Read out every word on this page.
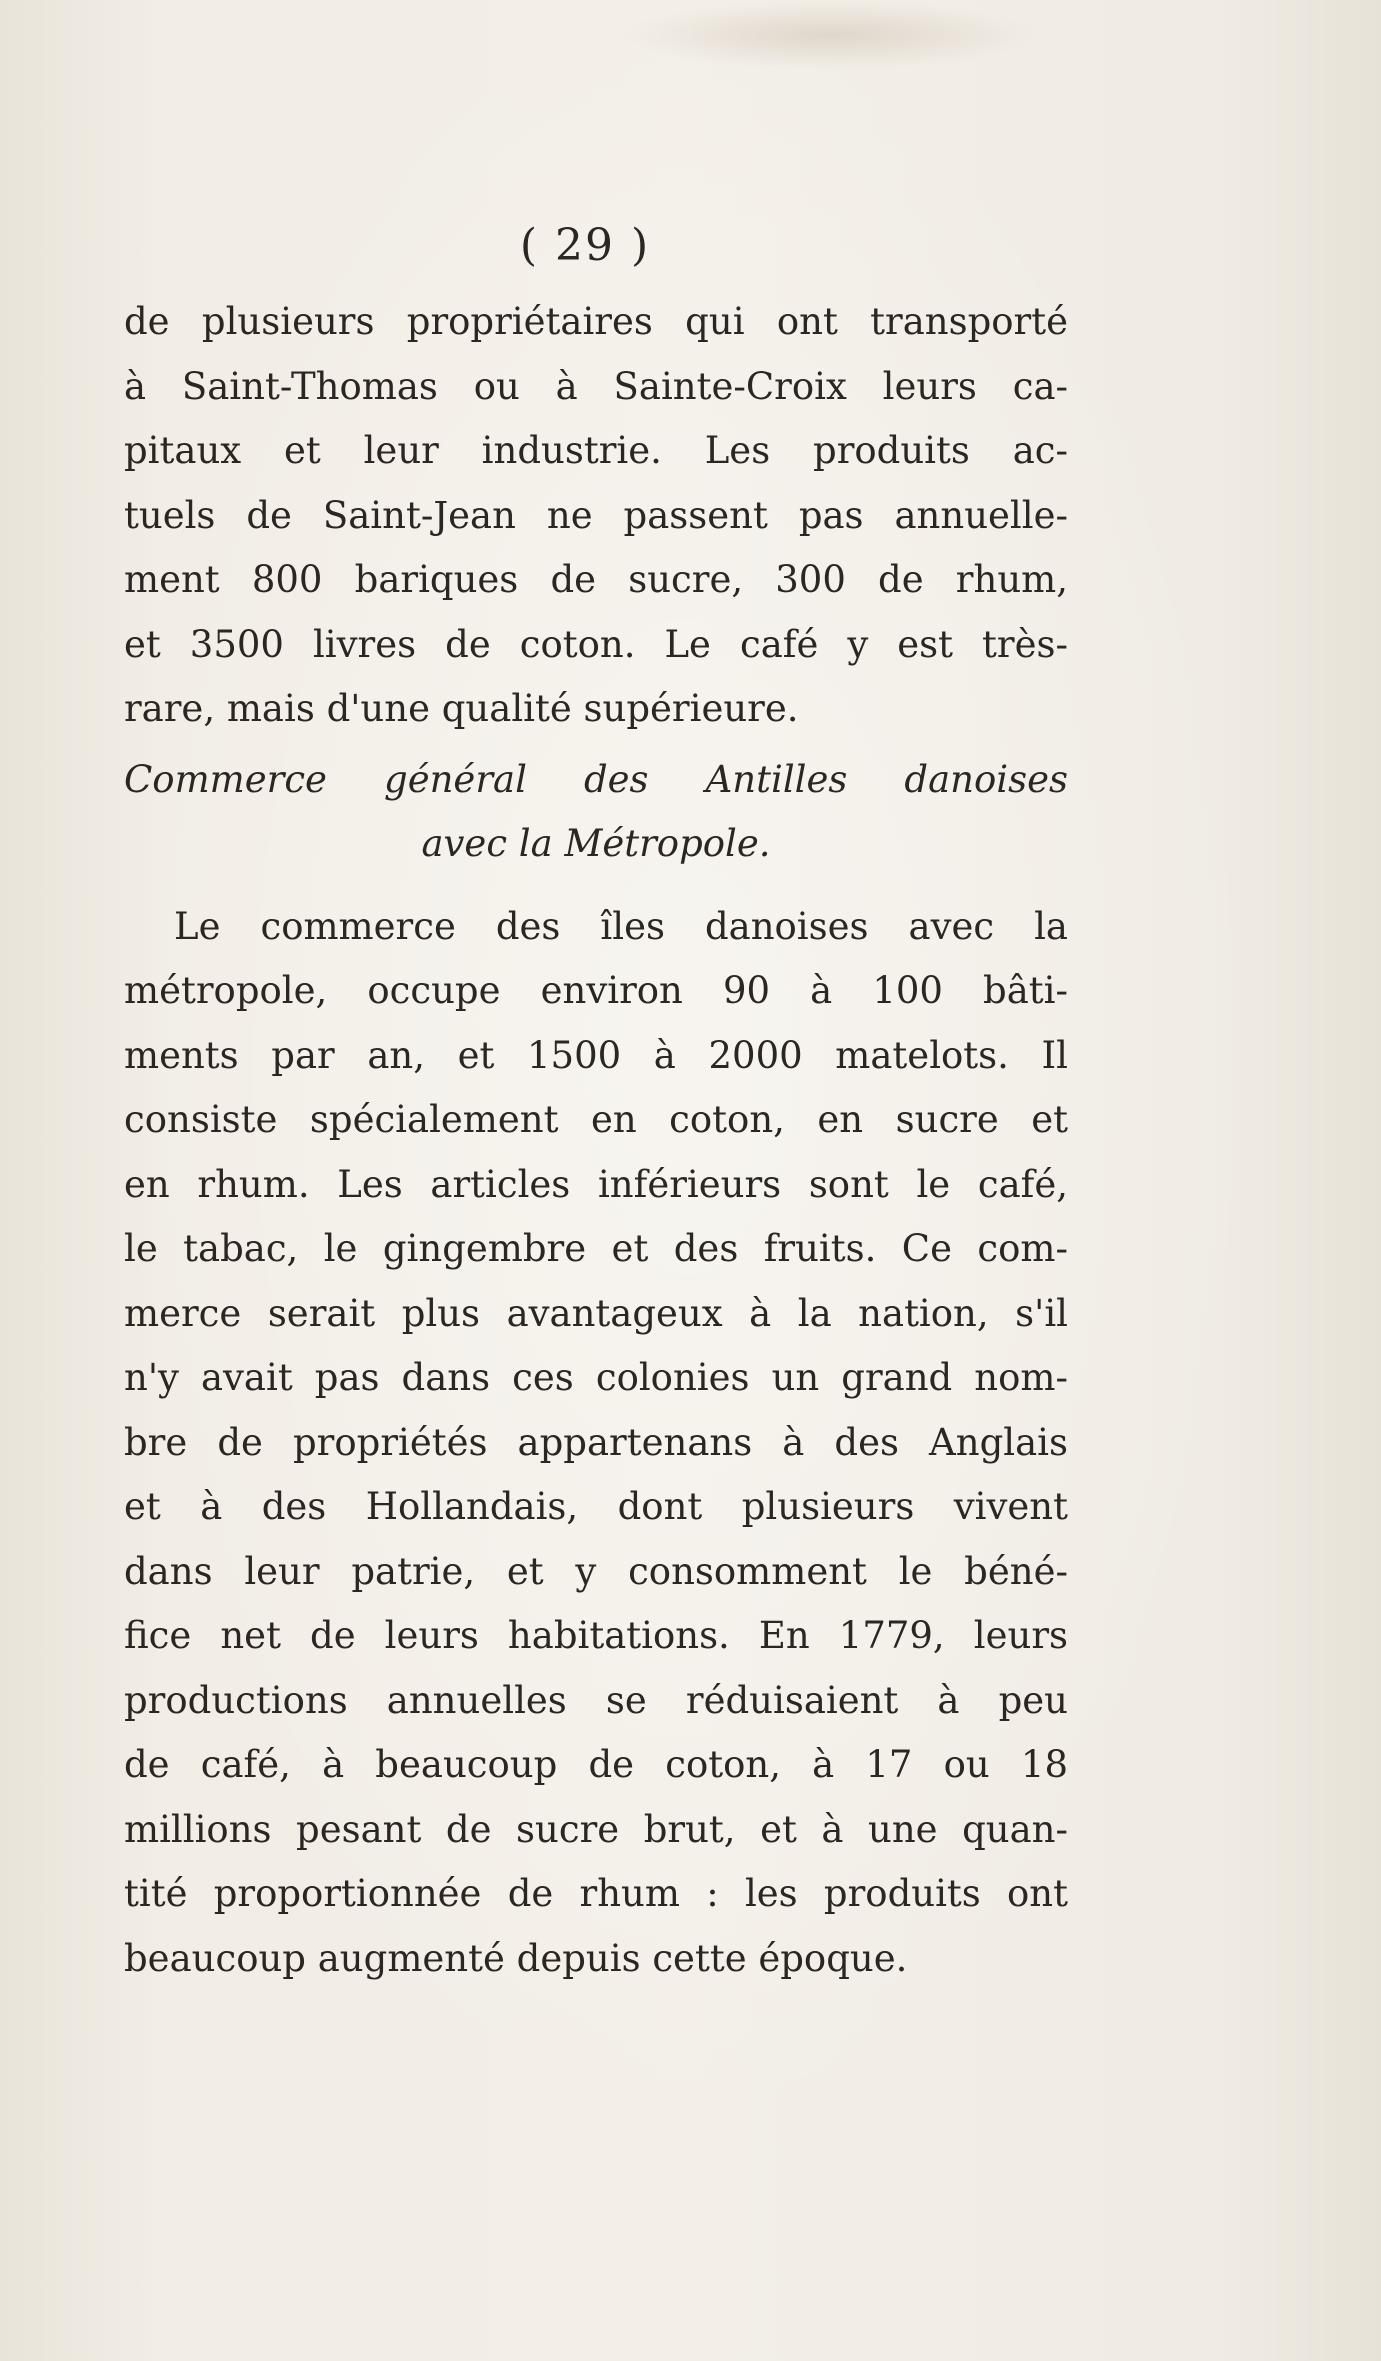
( 29 )
de plusieurs propriétaires qui ont transporté
à Saint-Thomas ou à Sainte-Croix leurs ca-
pitaux et leur industrie. Les produits ac-
tuels de Saint-Jean ne passent pas annuelle-
ment 800 bariques de sucre, 300 de rhum,
et 3500 livres de coton. Le café y est très-
rare, mais d'une qualité supérieure.
Commerce général des Antilles danoises
avec la Métropole.
Le commerce des îles danoises avec la
métropole, occupe environ 90 à 100 bâti-
ments par an, et 1500 à 2000 matelots. Il
consiste spécialement en coton, en sucre et
en rhum. Les articles inférieurs sont le café,
le tabac, le gingembre et des fruits. Ce com-
merce serait plus avantageux à la nation, s'il
n'y avait pas dans ces colonies un grand nom-
bre de propriétés appartenans à des Anglais
et à des Hollandais, dont plusieurs vivent
dans leur patrie, et y consomment le béné-
fice net de leurs habitations. En 1779, leurs
productions annuelles se réduisaient à peu
de café, à beaucoup de coton, à 17 ou 18
millions pesant de sucre brut, et à une quan-
tité proportionnée de rhum : les produits ont
beaucoup augmenté depuis cette époque.
